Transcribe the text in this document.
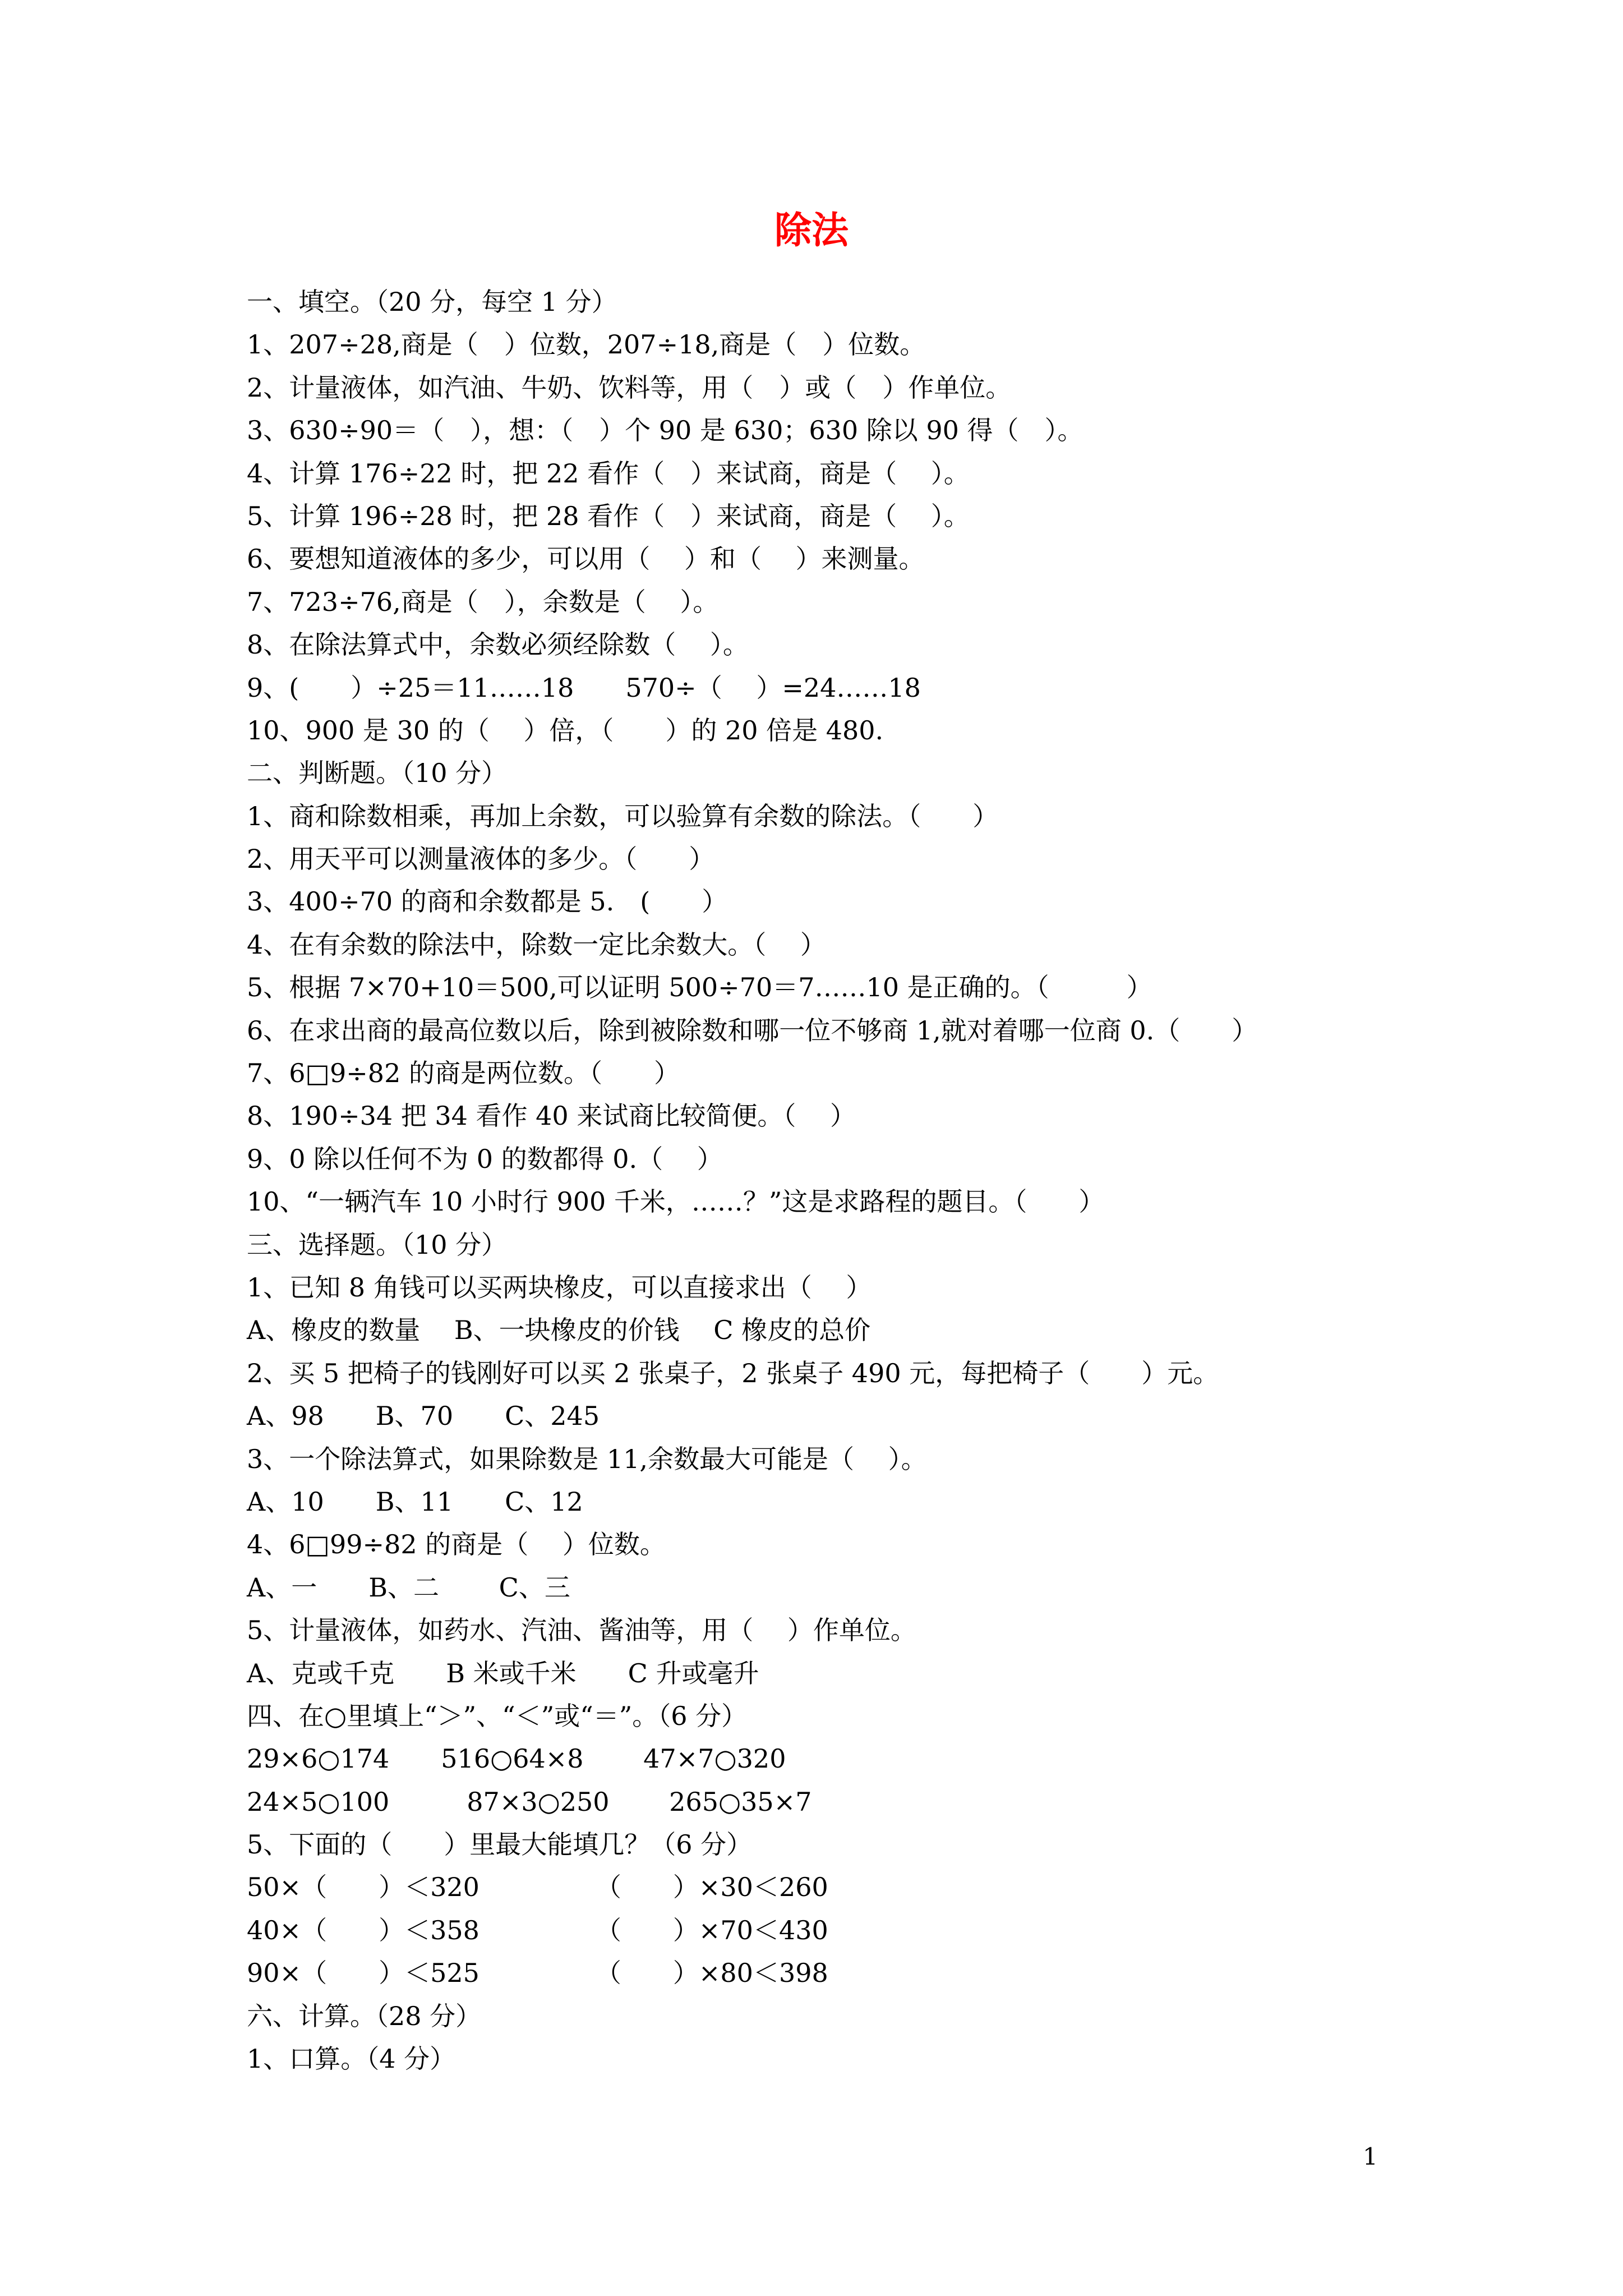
除法
一、填空。（20 分，每空 1 分）
1、207÷28,商是（　）位数，207÷18,商是（　）位数。
2、计量液体，如汽油、牛奶、饮料等，用（　）或（　）作单位。
3、630÷90＝（　），想：（　）个 90 是 630；630 除以 90 得（　）。
4、计算 176÷22 时，把 22 看作（　）来试商，商是（　 ）。
5、计算 196÷28 时，把 28 看作（　）来试商，商是（　 ）。
6、要想知道液体的多少，可以用（　 ）和（　 ）来测量。
7、723÷76,商是（　），余数是（　 ）。
8、在除法算式中，余数必须经除数（　 ）。
9、(　　）÷25＝11……18　　570÷（　 ）=24……18
10、900 是 30 的（　 ）倍，（　　）的 20 倍是 480.
二、判断题。（10 分）
1、商和除数相乘，再加上余数，可以验算有余数的除法。（　　）
2、用天平可以测量液体的多少。（　　）
3、400÷70 的商和余数都是 5.　(　　）
4、在有余数的除法中，除数一定比余数大。（　 ）
5、根据 7×70+10＝500,可以证明 500÷70＝7……10 是正确的。（　　　）
6、在求出商的最高位数以后，除到被除数和哪一位不够商 1,就对着哪一位商 0.（　　）
7、6□9÷82 的商是两位数。（　　）
8、190÷34 把 34 看作 40 来试商比较简便。（　 ）
9、0 除以任何不为 0 的数都得 0.（　 ）
10、“一辆汽车 10 小时行 900 千米，……？”这是求路程的题目。（　　）
三、选择题。（10 分）
1、已知 8 角钱可以买两块橡皮，可以直接求出（　 ）
A、橡皮的数量　 B、一块橡皮的价钱　 C 橡皮的总价
2、买 5 把椅子的钱刚好可以买 2 张桌子，2 张桌子 490 元，每把椅子（　　）元。
A、98　　B、70　　C、245
3、一个除法算式，如果除数是 11,余数最大可能是（　 ）。
A、10　　B、11　　C、12
4、6□99÷82 的商是（　 ）位数。
A、一　　B、二　　 C、三
5、计量液体，如药水、汽油、酱油等，用（　 ）作单位。
A、克或千克　　B 米或千米　　C 升或毫升
四、在○里填上“＞”、“＜”或“＝”。（6 分）
29×6○174　　516○64×8　　 47×7○320
24×5○100　　　87×3○250　　 265○35×7
5、下面的（　　）里最大能填几？（6 分）
50×（　　）＜320　　　　　（　　）×30＜260
40×（　　）＜358　　　　　（　　）×70＜430
90×（　　）＜525　　　　　（　　）×80＜398
六、计算。（28 分）
1、口算。（4 分）
1
